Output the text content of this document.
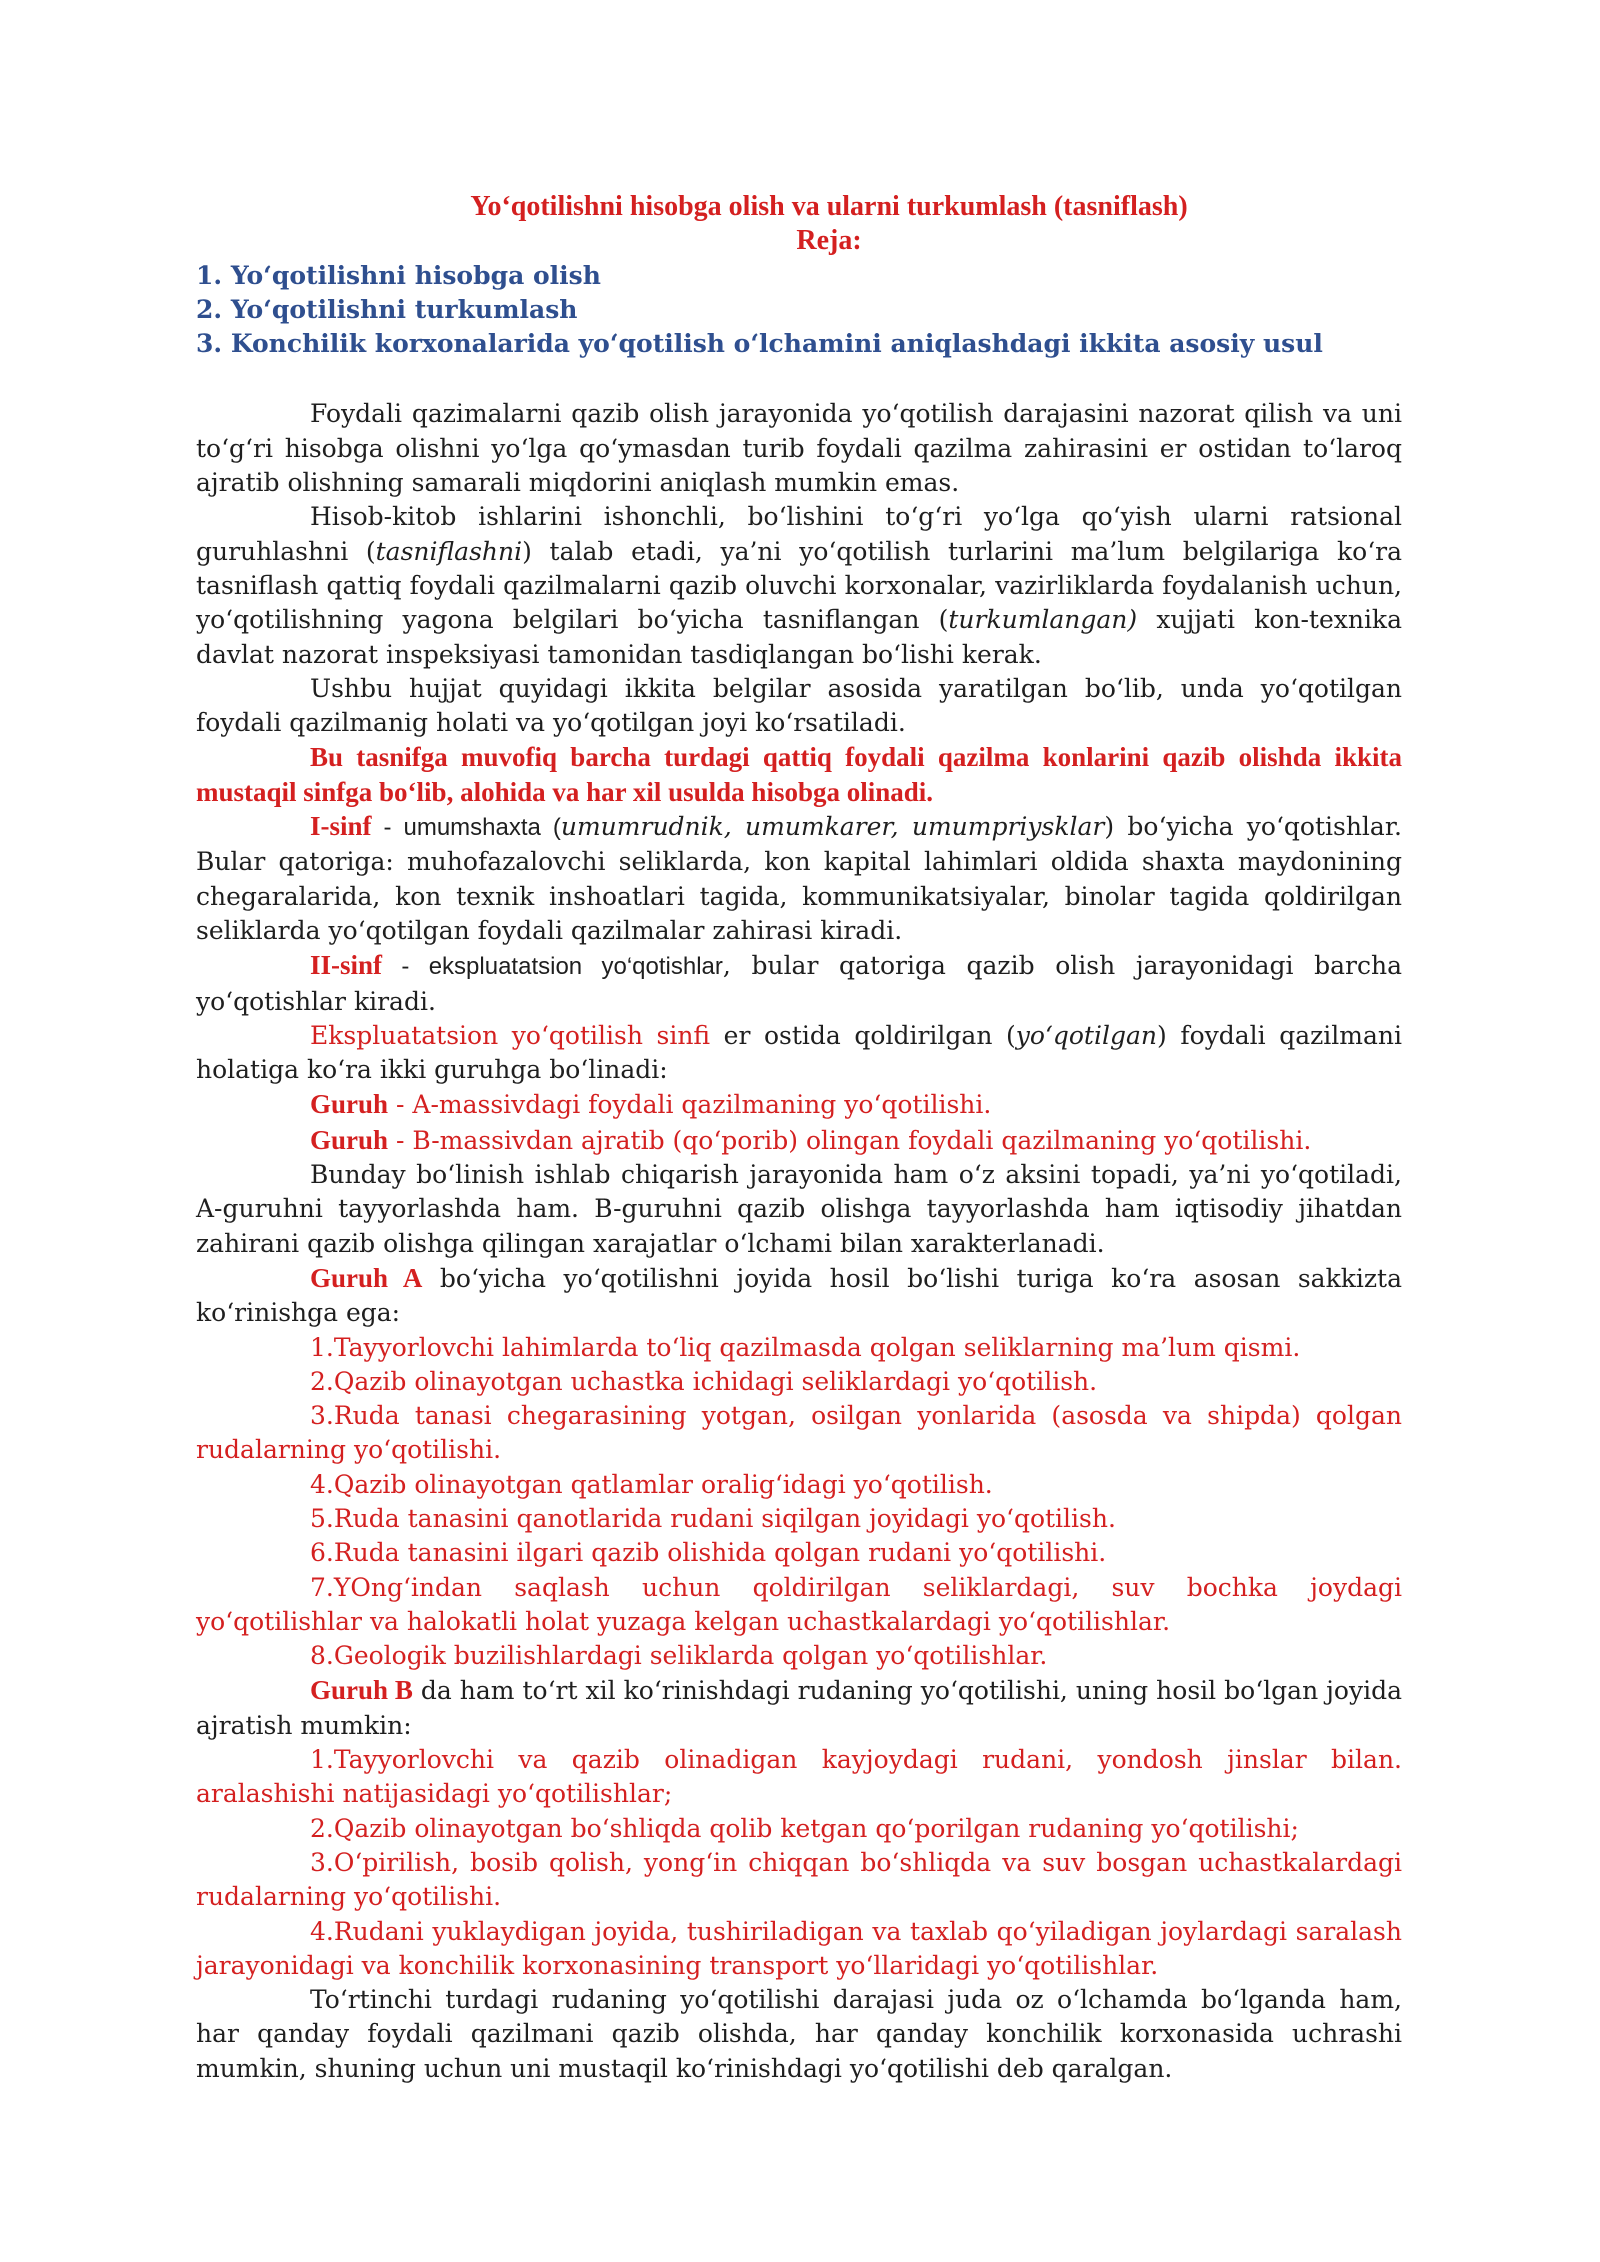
Yo‘qotilishni hisobga olish va ularni turkumlash (tasniflash)
Reja:
1. Yo‘qotilishni hisobga olish
2. Yo‘qotilishni turkumlash
3. Konchilik korxonalarida yo‘qotilish o‘lchamini aniqlashdagi ikkita asosiy usul

Foydali qazimalarni qazib olish jarayonida yo‘qotilish darajasini nazorat qilish va uni to‘g‘ri hisobga olishni yo‘lga qo‘ymasdan turib foydali qazilma zahirasini er ostidan to‘laroq ajratib olishning samarali miqdorini aniqlash mumkin emas.

Hisob-kitob ishlarini ishonchli, bo‘lishini to‘g‘ri yo‘lga qo‘yish ularni ratsional guruhlashni (tasniflashni) talab etadi, ya’ni yo‘qotilish turlarini ma’lum belgilariga ko‘ra tasniflash qattiq foydali qazilmalarni qazib oluvchi korxonalar, vazirliklarda foydalanish uchun, yo‘qotilishning yagona belgilari bo‘yicha tasniflangan (turkumlangan) xujjati kon-texnika davlat nazorat inspeksiyasi tamonidan tasdiqlangan bo‘lishi kerak.

Ushbu hujjat quyidagi ikkita belgilar asosida yaratilgan bo‘lib, unda yo‘qotilgan foydali qazilmanig holati va yo‘qotilgan joyi ko‘rsatiladi.

Bu tasnifga muvofiq barcha turdagi qattiq foydali qazilma konlarini qazib olishda ikkita mustaqil sinfga bo‘lib, alohida va har xil usulda hisobga olinadi.

I-sinf - umumshaxta (umumrudnik, umumkarer, umumpriysklar) bo‘yicha yo‘qotishlar. Bular qatoriga: muhofazalovchi seliklarda, kon kapital lahimlari oldida shaxta maydonining chegaralarida, kon texnik inshoatlari tagida, kommunikatsiyalar, binolar tagida qoldirilgan seliklarda yo‘qotilgan foydali qazilmalar zahirasi kiradi.

II-sinf - ekspluatatsion yo‘qotishlar, bular qatoriga qazib olish jarayonidagi barcha yo‘qotishlar kiradi.

Ekspluatatsion yo‘qotilish sinfi er ostida qoldirilgan (yo‘qotilgan) foydali qazilmani holatiga ko‘ra ikki guruhga bo‘linadi:

Guruh - A-massivdagi foydali qazilmaning yo‘qotilishi.

Guruh - B-massivdan ajratib (qo‘porib) olingan foydali qazilmaning yo‘qotilishi.

Bunday bo‘linish ishlab chiqarish jarayonida ham o‘z aksini topadi, ya’ni yo‘qotiladi, A-guruhni tayyorlashda ham. B-guruhni qazib olishga tayyorlashda ham iqtisodiy jihatdan zahirani qazib olishga qilingan xarajatlar o‘lchami bilan xarakterlanadi.

Guruh A bo‘yicha yo‘qotilishni joyida hosil bo‘lishi turiga ko‘ra asosan sakkizta ko‘rinishga ega:

1.Tayyorlovchi lahimlarda to‘liq qazilmasda qolgan seliklarning ma’lum qismi.

2.Qazib olinayotgan uchastka ichidagi seliklardagi yo‘qotilish.

3.Ruda tanasi chegarasining yotgan, osilgan yonlarida (asosda va shipda) qolgan rudalarning yo‘qotilishi.

4.Qazib olinayotgan qatlamlar oralig‘idagi yo‘qotilish.

5.Ruda tanasini qanotlarida rudani siqilgan joyidagi yo‘qotilish.

6.Ruda tanasini ilgari qazib olishida qolgan rudani yo‘qotilishi.

7.YOng‘indan saqlash uchun qoldirilgan seliklardagi, suv bochka joydagi yo‘qotilishlar va halokatli holat yuzaga kelgan uchastkalardagi yo‘qotilishlar.

8.Geologik buzilishlardagi seliklarda qolgan yo‘qotilishlar.

Guruh B da ham to‘rt xil ko‘rinishdagi rudaning yo‘qotilishi, uning hosil bo‘lgan joyida ajratish mumkin:

1.Tayyorlovchi va qazib olinadigan kayjoydagi rudani, yondosh jinslar bilan. aralashishi natijasidagi yo‘qotilishlar;

2.Qazib olinayotgan bo‘shliqda qolib ketgan qo‘porilgan rudaning yo‘qotilishi;

3.O‘pirilish, bosib qolish, yong‘in chiqqan bo‘shliqda va suv bosgan uchastkalardagi rudalarning yo‘qotilishi.

4.Rudani yuklaydigan joyida, tushiriladigan va taxlab qo‘yiladigan joylardagi saralash jarayonidagi va konchilik korxonasining transport yo‘llaridagi yo‘qotilishlar.

To‘rtinchi turdagi rudaning yo‘qotilishi darajasi juda oz o‘lchamda bo‘lganda ham, har qanday foydali qazilmani qazib olishda, har qanday konchilik korxonasida uchrashi mumkin, shuning uchun uni mustaqil ko‘rinishdagi yo‘qotilishi deb qaralgan.
